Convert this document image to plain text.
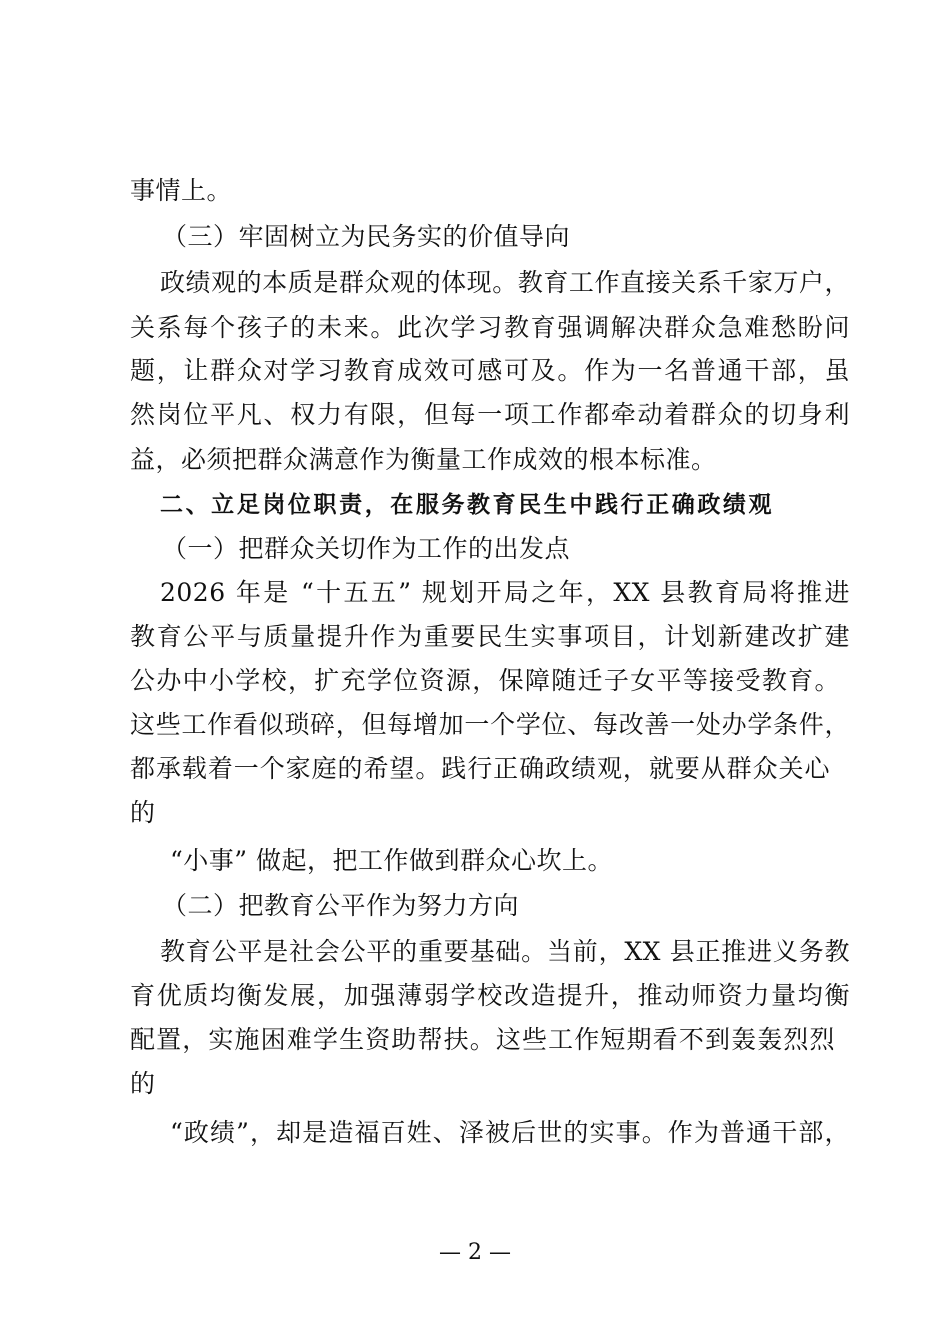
事情上。
（三）牢固树立为民务实的价值导向
政绩观的本质是群众观的体现。教育工作直接关系千家万户，
关系每个孩子的未来。此次学习教育强调解决群众急难愁盼问
题，让群众对学习教育成效可感可及。作为一名普通干部，虽
然岗位平凡、权力有限，但每一项工作都牵动着群众的切身利
益，必须把群众满意作为衡量工作成效的根本标准。
二、立足岗位职责，在服务教育民生中践行正确政绩观
（一）把群众关切作为工作的出发点
2026 年是 “十五五” 规划开局之年，XX 县教育局将推进
教育公平与质量提升作为重要民生实事项目，计划新建改扩建
公办中小学校，扩充学位资源，保障随迁子女平等接受教育。
这些工作看似琐碎，但每增加一个学位、每改善一处办学条件，
都承载着一个家庭的希望。践行正确政绩观，就要从群众关心
的
“小事” 做起，把工作做到群众心坎上。
（二）把教育公平作为努力方向
教育公平是社会公平的重要基础。当前，XX 县正推进义务教
育优质均衡发展，加强薄弱学校改造提升，推动师资力量均衡
配置，实施困难学生资助帮扶。这些工作短期看不到轰轰烈烈
的
“政绩”，却是造福百姓、泽被后世的实事。作为普通干部，
— 2 —
